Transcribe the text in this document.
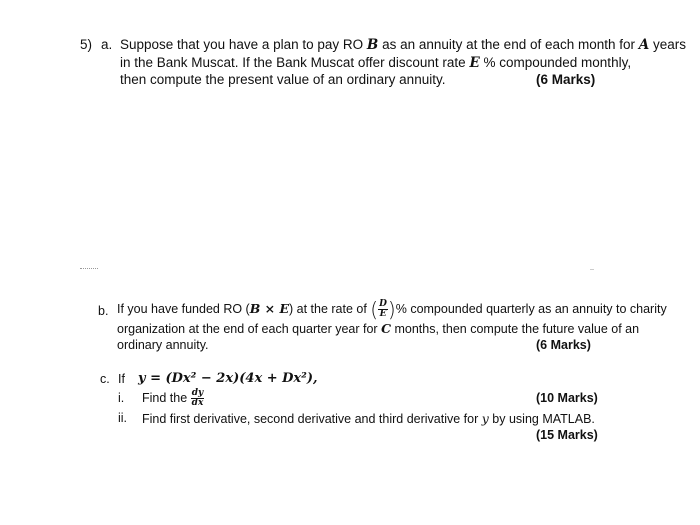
5) a. Suppose that you have a plan to pay RO B as an annuity at the end of each month for A years
in the Bank Muscat. If the Bank Muscat offer discount rate E % compounded monthly,
then compute the present value of an ordinary annuity.	(6 Marks)
b. If you have funded RO (B × E) at the rate of ( $\frac{D}{E}$ )% compounded quarterly as an annuity to charity
organization at the end of each quarter year for C months, then compute the future value of an
ordinary annuity.	(6 Marks)
c. If y = (Dx² − 2x)(4x + Dx²),
i. Find the $\frac{dy}{dx}$	(10 Marks)
ii. Find first derivative, second derivative and third derivative for y by using MATLAB.
(15 Marks)
